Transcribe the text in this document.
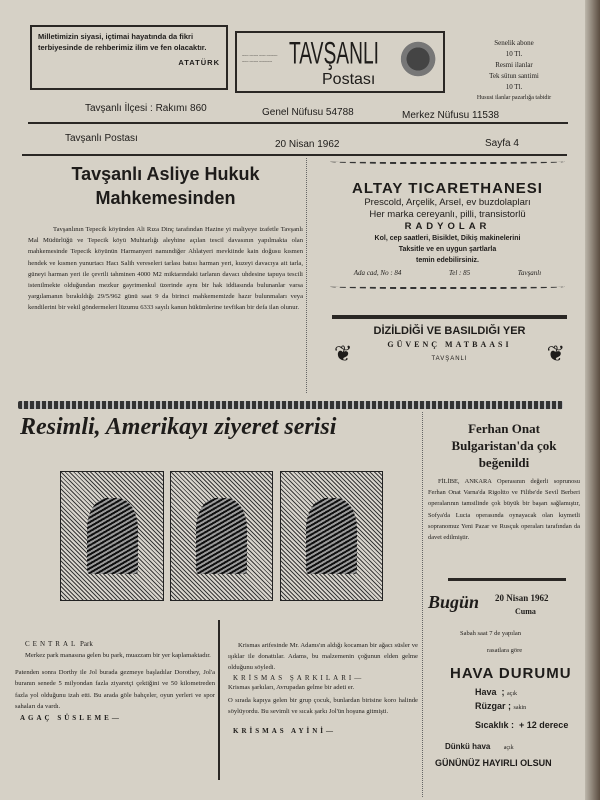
Milletimizin siyasi, içtimai hayatında da fikri terbiyesinde de rehberimiz ilim ve fen olacaktır.
ATATÜRK
~~~ ~~~~ ~~~ ~~~~~ ~~~ ~~~~ ~~~~~~ TAVŞANLI
Postası
Senelik abone
10 Tl.
Resmi ilanlar
Tek sütun santimi
10 Tl.
Hususi ilanlar pazarlığa tabidir
Tavşanlı İlçesi : Rakımı 860	Genel Nüfusu 54788	Merkez Nüfusu 11538
Tavşanlı Postası
20 Nisan 1962	Sayfa 4
Tavşanlı Asliye Hukuk Mahkemesinden
Tavşanlının Tepecik köyünden Ali Rıza Dinç tarafından Hazine yi maliyeye izafetle Tavşanlı Mal Müdürlüğü ve Tepecik köyü Muhtarlığı aleyhine açılan tescil davasının yapılmakta olan mahkemesinde Tepecik köyünün Harmanyeri namındiğer Ahlatyeri mevkiinde kain doğusu kısmen hendek ve kısmen yunurtacı Hacı Salih vereseleri tarlası batısı harman yeri, kuzeyi davacıya ait tarla, güneyi harman yeri ile çevrili tahminen 4000 M2 miktarındaki tarlanın davacı uhdesine tapuya tescili istenilmekte olduğundan mezkur gayrimenkul üzerinde aynı bir hak iddiasında bulunanlar varsa yargılamanın bırakıldığı 29/5/962 günü saat 9 da birinci mahkememizde hazır bulunmaları veya kendilerini bir vekil göndermeleri lüzumu 6333 sayılı kanun hükümlerine tevfikan bir defa ilan olunur.
ALTAY TICARETHANESI
Prescold, Arçelik, Arsel, ev buzdolapları
Her marka cereyanlı, pilli, transistorlü
RADYOLAR
Kol, cep saatleri, Bisiklet, Dikiş makinelerini
Taksitle ve en uygun şartlarla
temin edebilirsiniz.
Ada cad, No : 84	Tel : 85	Tavşanlı
DİZİLDİĞİ VE BASILDIĞI YER
GÜVENÇ MATBAASI
TAVŞANLI
❦	❦
Resimli, Amerikayı ziyeret serisi	Ferhan Onat Bulgaristan'da çok beğenildi
FİLİBE, ANKARA Operasının değerli soprunosu Ferhan Onat Varna'da Rigoltto ve Filibe'de Sevil Berberi operalarının tamsilinde çok büyük bir başarı sağlamıştır, Sofya'da Lucia operasında oynayacak olan kıymetli sopranomuz Yeni Pazar ve Rusçuk operaları tarafından da davet edilmiştir.
Bugün 20 Nisan 1962
Cuma
Sabah saat 7 de yapılan
rasatlara göre
HAVA DURUMU
Hava  ; açık
Rüzgar ; sakin
Sıcaklık :  + 12 derece
Dünkü hava açık
GÜNÜNÜZ HAYIRLI OLSUN
CENTRAL Park
Merkez park manasına gelen bu park, muazzam bir yer kaplamaktadır.
Patenden sonra Dorthy ile Jol burada gezmeye başladılar Dorothey, Jol'a buranın senede 5 milyondan fazla ziyaretçi çektiğini ve 50 kilometreden fazla yol olduğunu izah etti. Bu arada göle bahçeler, oyun yerleri ve spor sahaları da vardı.
AGAÇ SÜSLEME—
Krismas arifesinde Mr. Adams'ın aldığı kocaman bir ağacı süsler ve ışıklar ile donattılar. Adams, bu malzemenin çoğunun elden gelme olduğunu söyledi.
KRİSMAS ŞARKILARI—
Krismas şarkıları, Avrupadan gelme bir adeti er.
O sırada kapıya gelen bir grup çocuk, bunlardan birisine koro halinde söylüyordu. Bu sevimli ve sıcak şarkı Jol'ün hoşuna gitmişti.
KRİSMAS AYİNİ—
